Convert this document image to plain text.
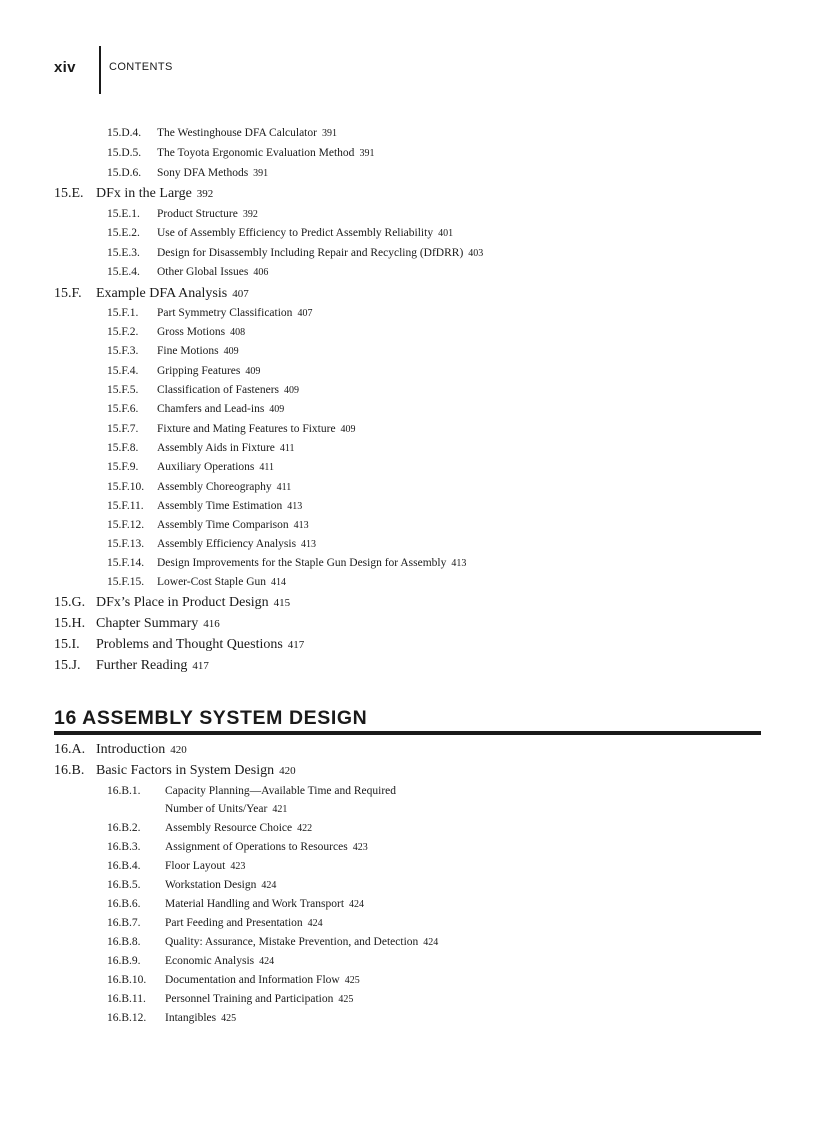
xiv	CONTENTS
15.D.4. The Westinghouse DFA Calculator 391
15.D.5. The Toyota Ergonomic Evaluation Method 391
15.D.6. Sony DFA Methods 391
15.E. DFx in the Large 392
15.E.1. Product Structure 392
15.E.2. Use of Assembly Efficiency to Predict Assembly Reliability 401
15.E.3. Design for Disassembly Including Repair and Recycling (DfDRR) 403
15.E.4. Other Global Issues 406
15.F. Example DFA Analysis 407
15.F.1. Part Symmetry Classification 407
15.F.2. Gross Motions 408
15.F.3. Fine Motions 409
15.F.4. Gripping Features 409
15.F.5. Classification of Fasteners 409
15.F.6. Chamfers and Lead-ins 409
15.F.7. Fixture and Mating Features to Fixture 409
15.F.8. Assembly Aids in Fixture 411
15.F.9. Auxiliary Operations 411
15.F.10. Assembly Choreography 411
15.F.11. Assembly Time Estimation 413
15.F.12. Assembly Time Comparison 413
15.F.13. Assembly Efficiency Analysis 413
15.F.14. Design Improvements for the Staple Gun Design for Assembly 413
15.F.15. Lower-Cost Staple Gun 414
15.G. DFx’s Place in Product Design 415
15.H. Chapter Summary 416
15.I. Problems and Thought Questions 417
15.J. Further Reading 417
16 ASSEMBLY SYSTEM DESIGN
16.A. Introduction 420
16.B. Basic Factors in System Design 420
16.B.1. Capacity Planning—Available Time and Required
Number of Units/Year 421
16.B.2. Assembly Resource Choice 422
16.B.3. Assignment of Operations to Resources 423
16.B.4. Floor Layout 423
16.B.5. Workstation Design 424
16.B.6. Material Handling and Work Transport 424
16.B.7. Part Feeding and Presentation 424
16.B.8. Quality: Assurance, Mistake Prevention, and Detection 424
16.B.9. Economic Analysis 424
16.B.10. Documentation and Information Flow 425
16.B.11. Personnel Training and Participation 425
16.B.12. Intangibles 425
